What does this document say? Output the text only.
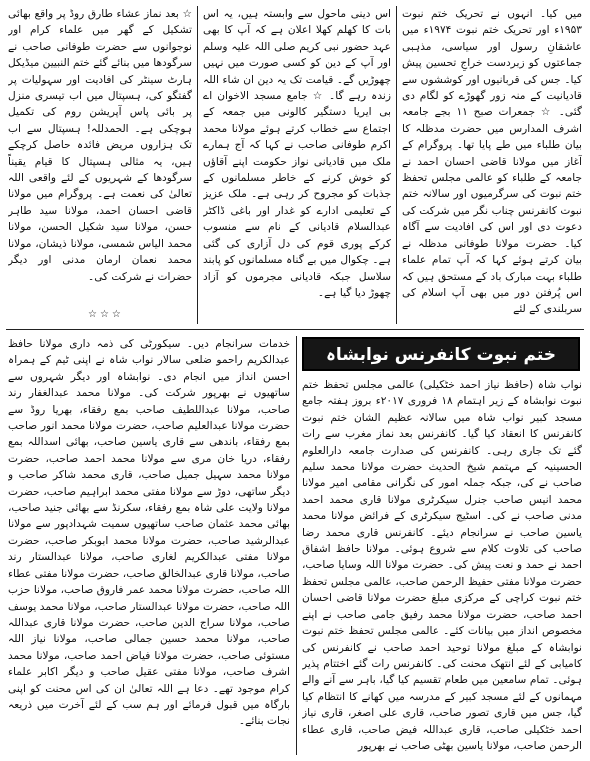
میں کیا۔ انہوں نے تحریک ختم نبوت ۱۹۵۳ء اور تحریک ختم نبوت ۱۹۷۴ء میں عاشقانِ رسول اور سیاسی، مذہبی جماعتوں کو زبردست خراجِ تحسین پیش کیا۔ جس کی قربانیوں اور کوششوں سے قادیانیت کے منہ زور گھوڑے کو لگام دی گئی۔ ☆ جمعرات صبح ۱۱ بجے جامعہ اشرف المدارس میں حضرت مدظلہ کا بیان طلباء میں طے پایا تھا۔ پروگرام کے آغاز میں مولانا قاضی احسان احمد نے جامعہ کے طلباء کو عالمی مجلس تحفظ ختم نبوت کی سرگرمیوں اور سالانہ ختم نبوت کانفرنس چناب نگر میں شرکت کی دعوت دی اور اس کی افادیت سے آگاہ کیا۔ حضرت مولانا طوفانی مدظلہ نے بیان کرتے ہوئے کہا کہ آپ تمام علماء طلباء بہت مبارک باد کے مستحق ہیں کہ اس پُرفتن دور میں بھی آپ اسلام کی سربلندی کے لئے

اس دینی ماحول سے وابستہ ہیں، یہ اس بات کا کھلم کھلا اعلان ہے کہ آپ کا بھی عہد حضور نبی کریم صلی اللہ علیہ وسلم اور آپ کے دین کو کسی صورت میں نہیں چھوڑیں گے۔ قیامت تک یہ دین ان شاء اللہ زندہ رہے گا۔ ☆ جامع مسجد الاخوان اے بی ایریا دستگیر کالونی میں جمعہ کے اجتماع سے خطاب کرتے ہوئے مولانا محمد اکرم طوفانی صاحب نے کہا کہ آج ہمارے ملک میں قادیانی نواز حکومت اپنے آقاؤں کو خوش کرنے کے خاطر مسلمانوں کے جذبات کو مجروح کر رہی ہے۔ ملک عزیز کے تعلیمی ادارے کو غدار اور باغی ڈاکٹر عبدالسلام قادیانی کے نام سے منسوب کرکے پوری قوم کی دل آزاری کی گئی ہے۔ چکوال میں بے گناہ مسلمانوں کو پابند سلاسل جبکہ قادیانی مجرموں کو آزاد چھوڑ دیا گیا ہے۔

☆ بعد نماز عشاء طارق روڈ پر واقع بھائی تشکیل کے گھر میں علماء کرام اور نوجوانوں سے حضرت طوفانی صاحب نے سرگودھا میں بنائے گئے ختم النبیین میڈیکل ہارٹ سینٹر کی افادیت اور سہولیات پر گفتگو کی، ہسپتال میں اب تیسری منزل پر بائی پاس آپریشن روم کی تکمیل ہوچکی ہے۔ الحمدللہ! ہسپتال سے اب تک ہزاروں مریض فائدہ حاصل کرچکے ہیں، یہ مثالی ہسپتال کا قیام یقیناً سرگودھا کے شہریوں کے لئے واقعی اللہ تعالیٰ کی نعمت ہے۔ پروگرام میں مولانا قاضی احسان احمد، مولانا سید طاہر حسن، مولانا سید شکیل الحسن، مولانا محمد الیاس شمسی، مولانا ذیشان، مولانا محمد نعمان ارمان مدنی اور دیگر حضرات نے شرکت کی۔

☆☆☆
ختم نبوت کانفرنس نوابشاہ

نواب شاہ (حافظ نیاز احمد خٹکیلی) عالمی مجلس تحفظ ختم نبوت نوابشاہ کے زیر اہتمام ۱۸ فروری ۲۰۱۷ء بروز ہفتہ جامع مسجد کبیر نواب شاہ میں سالانہ عظیم الشان ختم نبوت کانفرنس کا انعقاد کیا گیا۔ کانفرنس بعد نماز مغرب سے رات گئے تک جاری رہی۔ کانفرنس کی صدارت جامعہ دارالعلوم الحسینیہ کے مہتمم شیخ الحدیث حضرت مولانا محمد سلیم صاحب نے کی، جبکہ جملہ امور کی نگرانی مقامی امیر مولانا محمد انیس صاحب جنرل سیکرٹری مولانا قاری محمد احمد مدنی صاحب نے کی۔ اسٹیج سیکرٹری کے فرائض مولانا محمد یاسین صاحب نے سرانجام دیئے۔ کانفرنس قاری محمد رضا صاحب کی تلاوت کلام سے شروع ہوئی۔ مولانا حافظ اشفاق احمد نے حمد و نعت پیش کی۔ حضرت مولانا اللہ وسایا صاحب، حضرت مولانا مفتی حفیظ الرحمن صاحب، عالمی مجلس تحفظ ختم نبوت کراچی کے مرکزی مبلغ حضرت مولانا قاضی احسان احمد صاحب، حضرت مولانا محمد رفیق جامی صاحب نے اپنے مخصوص انداز میں بیانات کئے۔ عالمی مجلس تحفظ ختم نبوت نوابشاہ کے مبلغ مولانا توحید احمد صاحب نے کانفرنس کی کامیابی کے لئے انتھک محنت کی۔ کانفرنس رات گئے اختتام پذیر ہوئی۔ تمام سامعین میں طعام تقسیم کیا گیا، باہر سے آنے والے مہمانوں کے لئے مسجد کبیر کے مدرسہ میں کھانے کا انتظام کیا گیا، جس میں قاری تصور صاحب، قاری علی اصغر، قاری نیاز احمد خٹکیلی صاحب، قاری عبداللہ فیض صاحب، قاری عطاء الرحمن صاحب، مولانا یاسین بھٹی صاحب نے بھرپور

خدمات سرانجام دیں۔ سیکورٹی کی ذمہ داری مولانا حافظ عبدالکریم راحمو ضلعی سالار نواب شاہ نے اپنی ٹیم کے ہمراہ احسن انداز میں انجام دی۔ نوابشاہ اور دیگر شہروں سے ساتھیوں نے بھرپور شرکت کی۔ مولانا محمد عبدالغفار رند صاحب، مولانا عبداللطیف صاحب بمع رفقاء، بھریا روڈ سے حضرت مولانا عبدالعلیم صاحب، حضرت مولانا محمد انور صاحب بمع رفقاء، باندھی سے قاری یاسین صاحب، بھائی اسداللہ بمع رفقاء، دریا خان مری سے مولانا محمد احمد صاحب، حضرت مولانا محمد سہیل جمیل صاحب، قاری محمد شاکر صاحب و دیگر ساتھی، دوڑ سے مولانا مفتی محمد ابراہیم صاحب، حضرت مولانا ولایت علی شاہ بمع رفقاء، سکرنڈ سے بھائی جنید صاحب، بھائی محمد عثمان صاحب ساتھیوں سمیت شہدادپور سے مولانا عبدالرشید صاحب، حضرت مولانا محمد ابوبکر صاحب، حضرت مولانا مفتی عبدالکریم لغاری صاحب، مولانا عبدالستار رند صاحب، مولانا قاری عبدالخالق صاحب، حضرت مولانا مفتی عطاء اللہ صاحب، حضرت مولانا محمد عمر فاروق صاحب، مولانا حزب اللہ صاحب، حضرت مولانا عبدالستار صاحب، مولانا محمد یوسف صاحب، مولانا سراج الدین صاحب، حضرت مولانا قاری عبداللہ صاحب، مولانا محمد حسین جمالی صاحب، مولانا نیاز اللہ مستوئی صاحب، حضرت مولانا فیاض احمد صاحب، مولانا محمد اشرف صاحب، مولانا مفتی عقیل صاحب و دیگر اکابر علماء کرام موجود تھے۔ دعا ہے اللہ تعالیٰ ان کی اس محنت کو اپنی بارگاہ میں قبول فرمائے اور ہم سب کے لئے آخرت میں ذریعہ نجات بنائے۔
